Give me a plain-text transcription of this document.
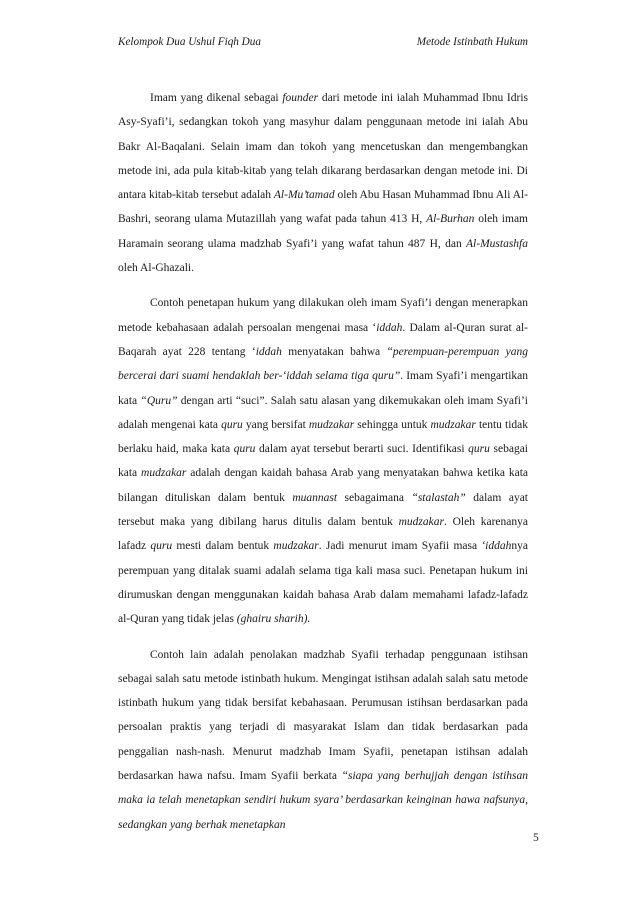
Kelompok Dua Ushul Fiqh Dua	Metode Istinbath Hukum

Imam yang dikenal sebagai founder dari metode ini ialah Muhammad Ibnu Idris Asy-Syafi’i, sedangkan tokoh yang masyhur dalam penggunaan metode ini ialah Abu Bakr Al-Baqalani. Selain imam dan tokoh yang mencetuskan dan mengembangkan metode ini, ada pula kitab-kitab yang telah dikarang berdasarkan dengan metode ini. Di antara kitab-kitab tersebut adalah Al-Mu’tamad oleh Abu Hasan Muhammad Ibnu Ali Al-Bashri, seorang ulama Mutazillah yang wafat pada tahun 413 H, Al-Burhan oleh imam Haramain seorang ulama madzhab Syafi’i yang wafat tahun 487 H, dan Al-Mustashfa oleh Al-Ghazali.

Contoh penetapan hukum yang dilakukan oleh imam Syafi’i dengan menerapkan metode kebahasaan adalah persoalan mengenai masa ‘iddah. Dalam al-Quran surat al-Baqarah ayat 228 tentang ‘iddah menyatakan bahwa “perempuan-perempuan yang bercerai dari suami hendaklah ber-‘iddah selama tiga quru”. Imam Syafi’i mengartikan kata “Quru” dengan arti “suci”. Salah satu alasan yang dikemukakan oleh imam Syafi’i adalah mengenai kata quru yang bersifat mudzakar sehingga untuk mudzakar tentu tidak berlaku haid, maka kata quru dalam ayat tersebut berarti suci. Identifikasi quru sebagai kata mudzakar adalah dengan kaidah bahasa Arab yang menyatakan bahwa ketika kata bilangan dituliskan dalam bentuk muannast sebagaimana “stalastah” dalam ayat tersebut maka yang dibilang harus ditulis dalam bentuk mudzakar. Oleh karenanya lafadz quru mesti dalam bentuk mudzakar. Jadi menurut imam Syafii masa ‘iddahnya perempuan yang ditalak suami adalah selama tiga kali masa suci. Penetapan hukum ini dirumuskan dengan menggunakan kaidah bahasa Arab dalam memahami lafadz-lafadz al-Quran yang tidak jelas (ghairu sharih).

Contoh lain adalah penolakan madzhab Syafii terhadap penggunaan istihsan sebagai salah satu metode istinbath hukum. Mengingat istihsan adalah salah satu metode istinbath hukum yang tidak bersifat kebahasaan. Perumusan istihsan berdasarkan pada persoalan praktis yang terjadi di masyarakat Islam dan tidak berdasarkan pada penggalian nash-nash. Menurut madzhab Imam Syafii, penetapan istihsan adalah berdasarkan hawa nafsu. Imam Syafii berkata “siapa yang berhujjah dengan istihsan maka ia telah menetapkan sendiri hukum syara’ berdasarkan keinginan hawa nafsunya, sedangkan yang berhak menetapkan

5
